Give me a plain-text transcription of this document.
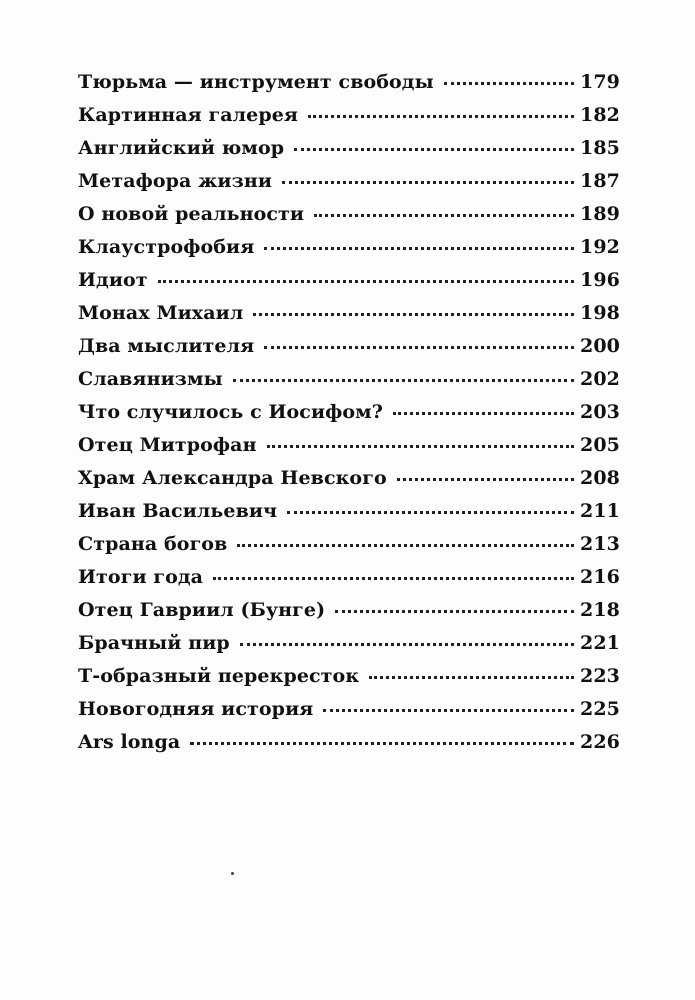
Тюрьма — инструмент свободы	179
Картинная галерея	182
Английский юмор	185
Метафора жизни	187
О новой реальности	189
Клаустрофобия	192
Идиот	196
Монах Михаил	198
Два мыслителя	200
Славянизмы	202
Что случилось с Иосифом?	203
Отец Митрофан	205
Храм Александра Невского	208
Иван Васильевич	211
Страна богов	213
Итоги года	216
Отец Гавриил (Бунге)	218
Брачный пир	221
Т-образный перекресток	223
Новогодняя история	225
Ars longa	226
